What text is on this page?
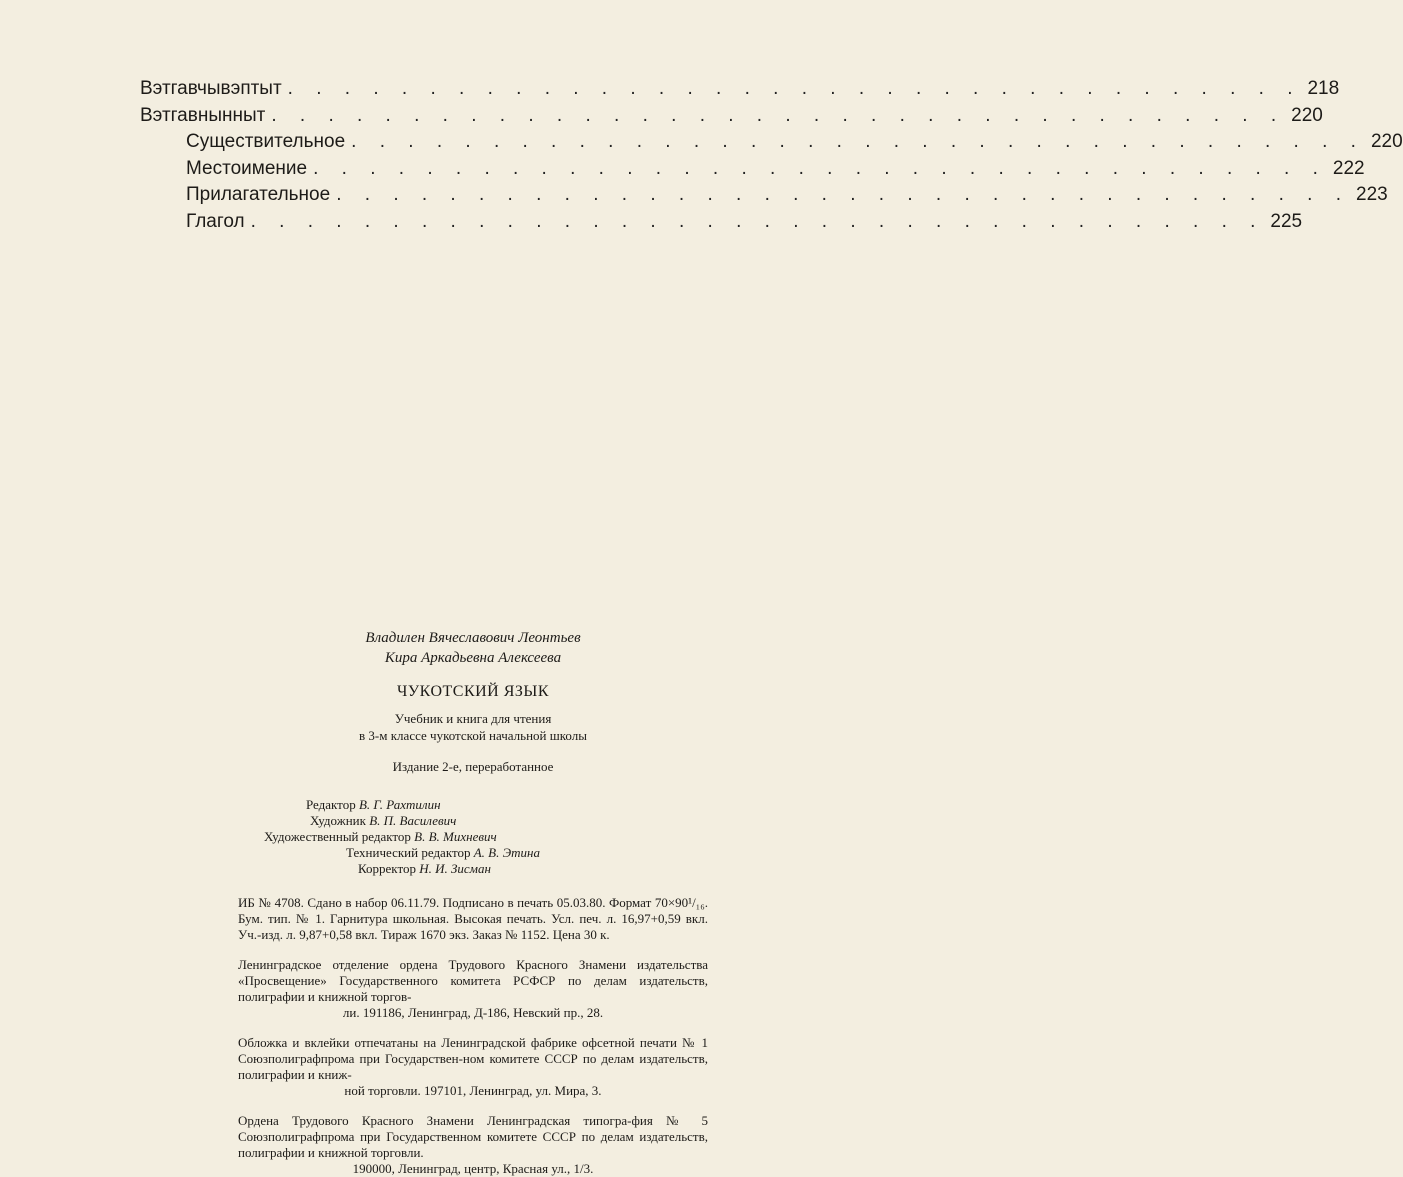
Вэтгавчывэптыт . . . . . . . . . . . . . . . . . . . . . . . . . . . . . . . . . . . . 218
Вэтгавнынныт . . . . . . . . . . . . . . . . . . . . . . . . . . . . . . . . . . . . 220
Существительное . . . . . . . . . . . . . . . . . . . . . . . . . . . . . . . . . . . . 220
Местоимение . . . . . . . . . . . . . . . . . . . . . . . . . . . . . . . . . . . . 222
Прилагательное . . . . . . . . . . . . . . . . . . . . . . . . . . . . . . . . . . . . 223
Глагол . . . . . . . . . . . . . . . . . . . . . . . . . . . . . . . . . . . . 225
Владилен Вячеславович Леонтьев
Кира Аркадьевна Алексеева
ЧУКОТСКИЙ ЯЗЫК
Учебник и книга для чтения
в 3-м классе чукотской начальной школы
Издание 2-е, переработанное
Редактор В. Г. Рахтилин
Художник В. П. Василевич
Художественный редактор В. В. Михневич
Технический редактор А. В. Этина
Корректор Н. И. Зисман
ИБ № 4708. Сдано в набор 06.11.79. Подписано в печать 05.03.80. Формат 70×90¹/₁₆. Бум. тип. № 1. Гарнитура школьная. Высокая печать. Усл. печ. л. 16,97+0,59 вкл. Уч.-изд. л. 9,87+0,58 вкл. Тираж 1670 экз. Заказ № 1152. Цена 30 к.
Ленинградское отделение ордена Трудового Красного Знамени издательства «Просвещение» Государственного комитета РСФСР по делам издательств, полиграфии и книжной торгов-
ли. 191186, Ленинград, Д-186, Невский пр., 28.
Обложка и вклейки отпечатаны на Ленинградской фабрике офсетной печати № 1 Союзполиграфпрома при Государствен-ном комитете СССР по делам издательств, полиграфии и книж-
ной торговли. 197101, Ленинград, ул. Мира, 3.
Ордена Трудового Красного Знамени Ленинградская типогра-фия № 5 Союзполиграфпрома при Государственном комитете СССР по делам издательств, полиграфии и книжной торговли.
190000, Ленинград, центр, Красная ул., 1/3.
